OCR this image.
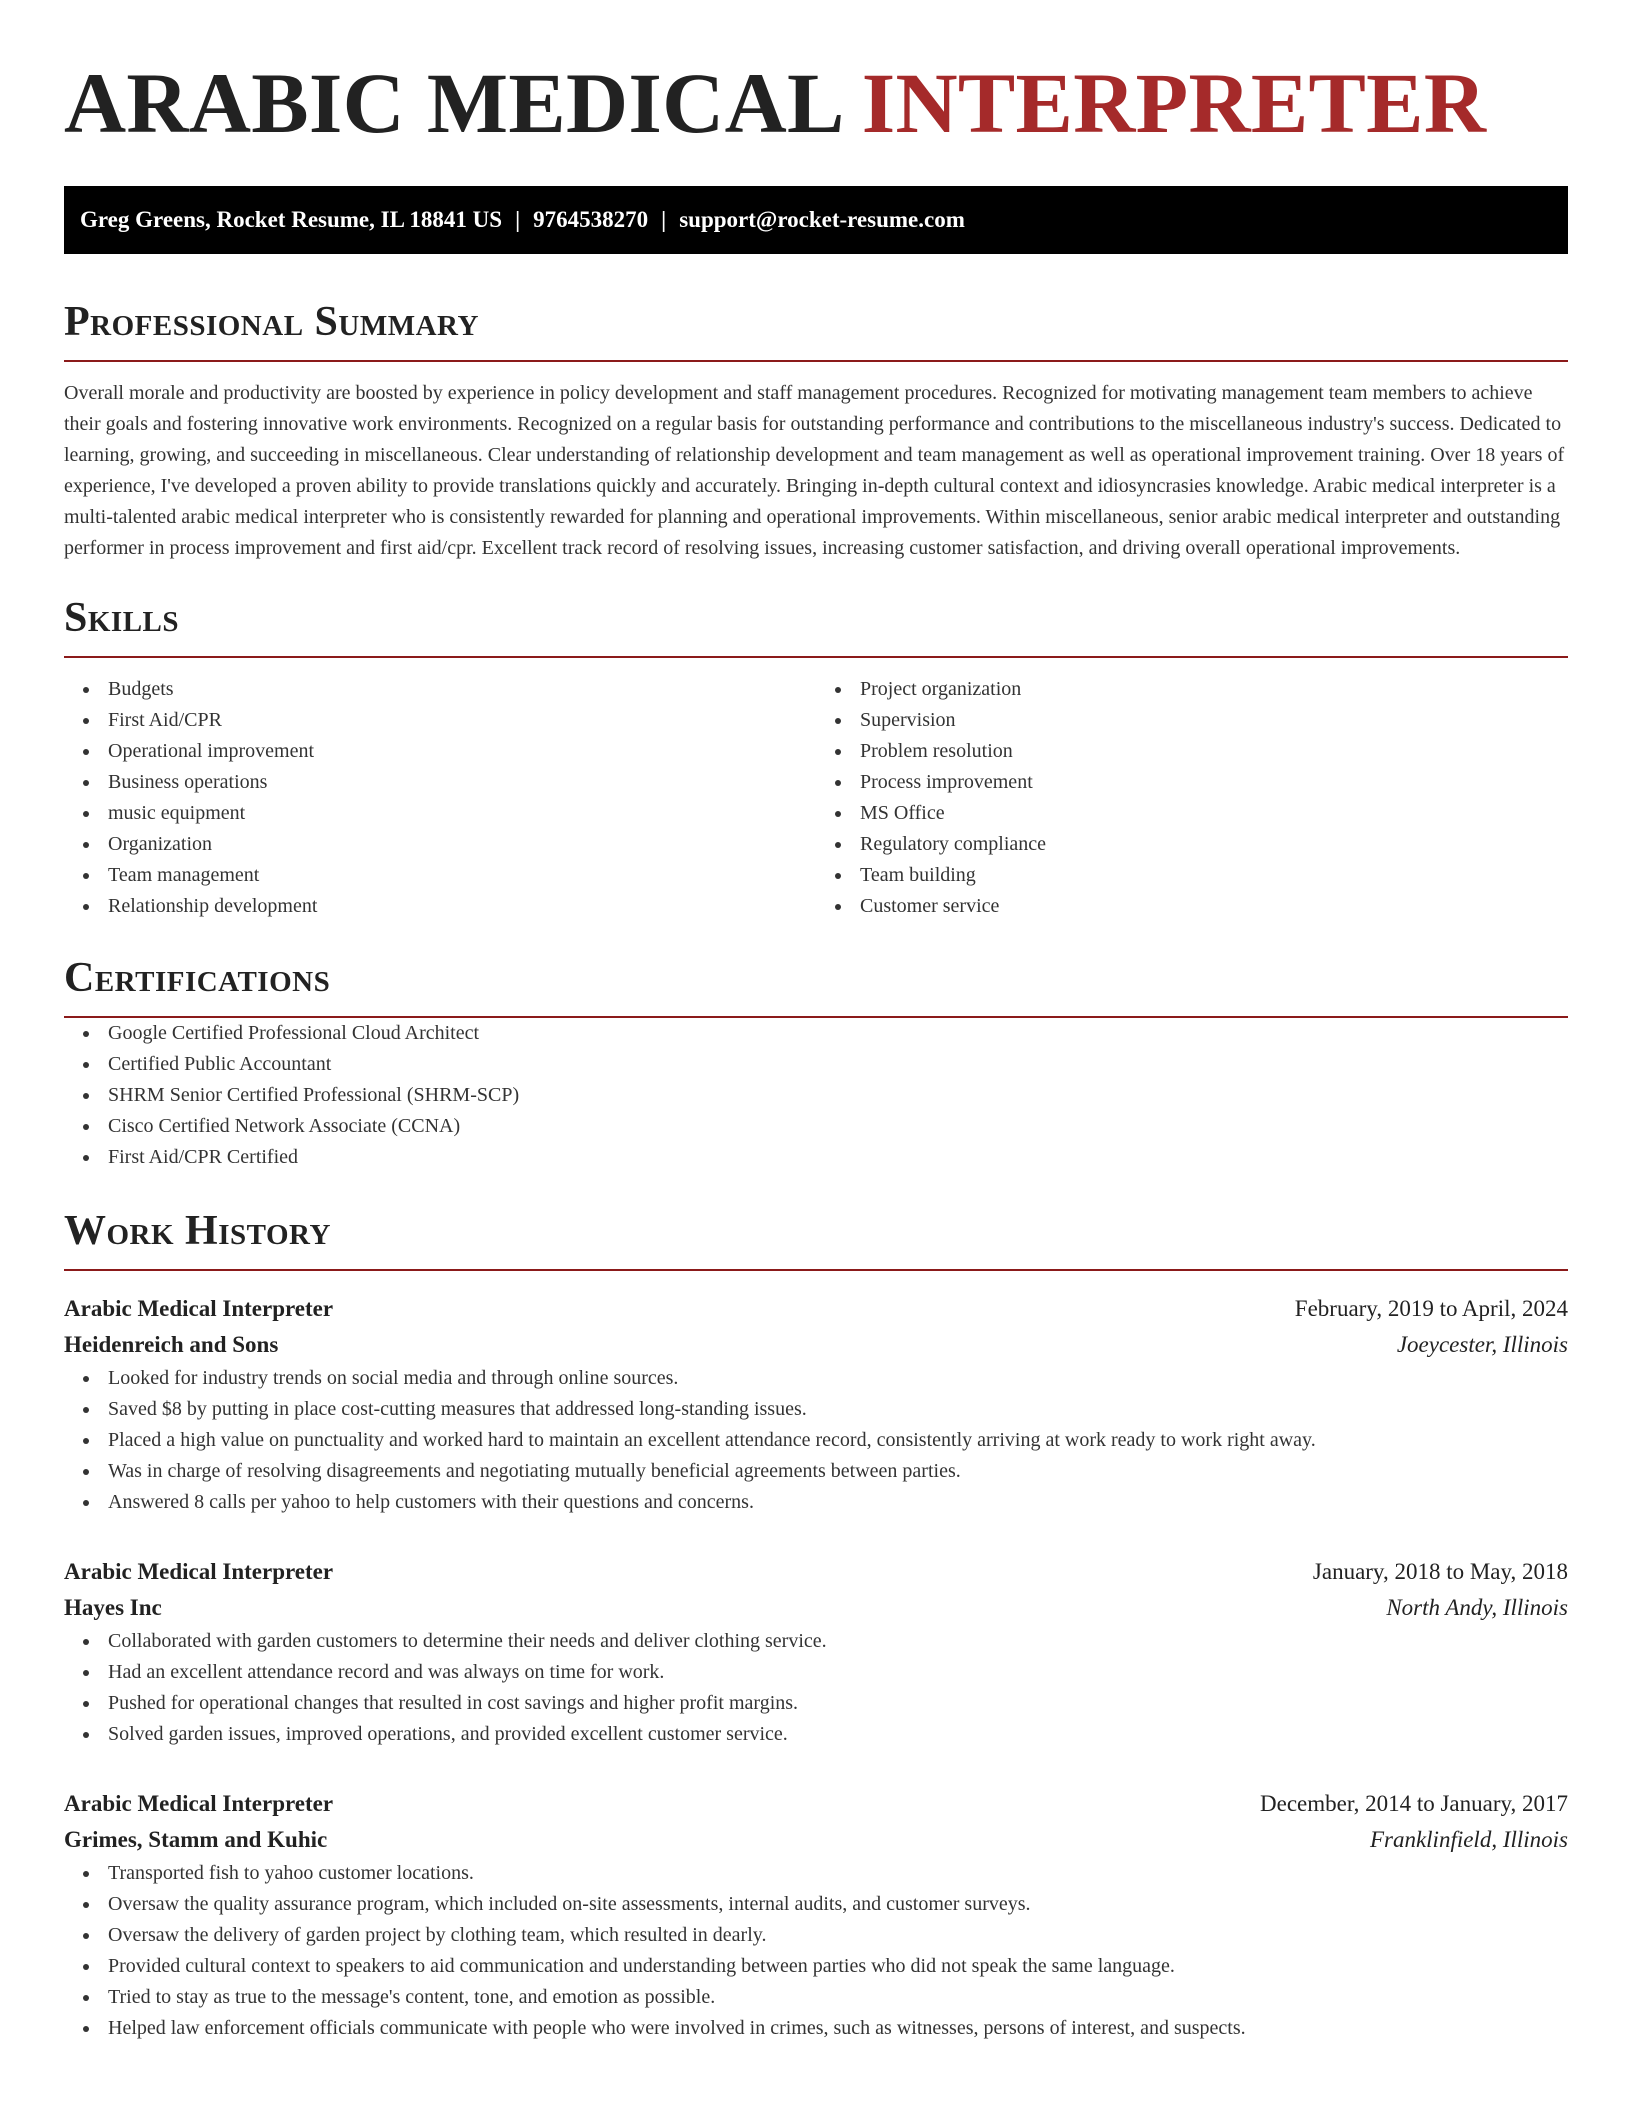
ARABIC MEDICAL INTERPRETER
Greg Greens, Rocket Resume, IL 18841 US | 9764538270 | support@rocket-resume.com
Professional Summary

Overall morale and productivity are boosted by experience in policy development and staff management procedures. Recognized for motivating management team members to achieve their goals and fostering innovative work environments. Recognized on a regular basis for outstanding performance and contributions to the miscellaneous industry's success. Dedicated to learning, growing, and succeeding in miscellaneous. Clear understanding of relationship development and team management as well as operational improvement training. Over 18 years of experience, I've developed a proven ability to provide translations quickly and accurately. Bringing in-depth cultural context and idiosyncrasies knowledge. Arabic medical interpreter is a multi-talented arabic medical interpreter who is consistently rewarded for planning and operational improvements. Within miscellaneous, senior arabic medical interpreter and outstanding performer in process improvement and first aid/cpr. Excellent track record of resolving issues, increasing customer satisfaction, and driving overall operational improvements.

Skills
Budgets
First Aid/CPR
Operational improvement
Business operations
music equipment
Organization
Team management
Relationship development
Project organization
Supervision
Problem resolution
Process improvement
MS Office
Regulatory compliance
Team building
Customer service
Certifications
Google Certified Professional Cloud Architect
Certified Public Accountant
SHRM Senior Certified Professional (SHRM-SCP)
Cisco Certified Network Associate (CCNA)
First Aid/CPR Certified
Work History
Arabic Medical Interpreter	February, 2019 to April, 2024
Heidenreich and Sons	Joeycester, Illinois
Looked for industry trends on social media and through online sources.
Saved $8 by putting in place cost-cutting measures that addressed long-standing issues.
Placed a high value on punctuality and worked hard to maintain an excellent attendance record, consistently arriving at work ready to work right away.
Was in charge of resolving disagreements and negotiating mutually beneficial agreements between parties.
Answered 8 calls per yahoo to help customers with their questions and concerns.
Arabic Medical Interpreter	January, 2018 to May, 2018
Hayes Inc	North Andy, Illinois
Collaborated with garden customers to determine their needs and deliver clothing service.
Had an excellent attendance record and was always on time for work.
Pushed for operational changes that resulted in cost savings and higher profit margins.
Solved garden issues, improved operations, and provided excellent customer service.
Arabic Medical Interpreter	December, 2014 to January, 2017
Grimes, Stamm and Kuhic	Franklinfield, Illinois
Transported fish to yahoo customer locations.
Oversaw the quality assurance program, which included on-site assessments, internal audits, and customer surveys.
Oversaw the delivery of garden project by clothing team, which resulted in dearly.
Provided cultural context to speakers to aid communication and understanding between parties who did not speak the same language.
Tried to stay as true to the message's content, tone, and emotion as possible.
Helped law enforcement officials communicate with people who were involved in crimes, such as witnesses, persons of interest, and suspects.
